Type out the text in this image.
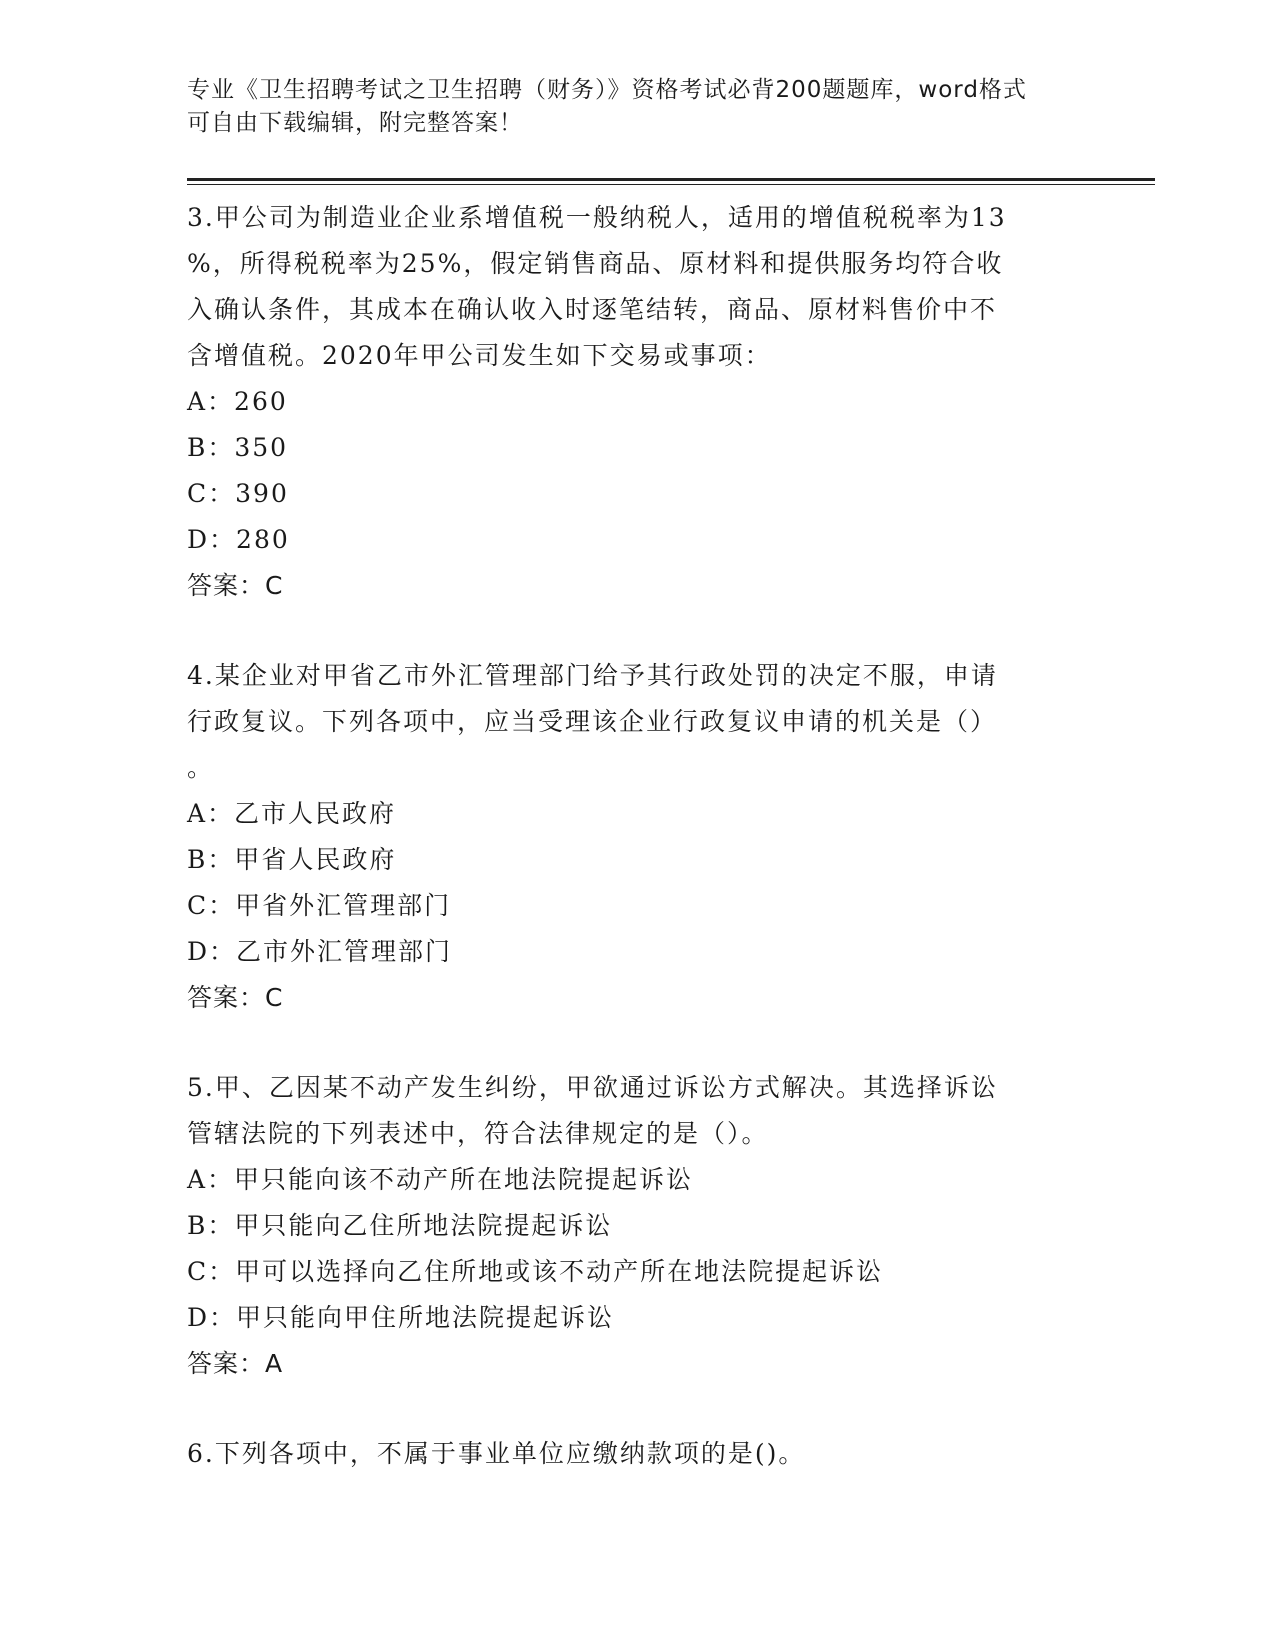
专业《卫生招聘考试之卫生招聘（财务）》资格考试必背200题题库，word格式
可自由下载编辑，附完整答案！
3.甲公司为制造业企业系增值税一般纳税人，适用的增值税税率为13
%，所得税税率为25%，假定销售商品、原材料和提供服务均符合收
入确认条件，其成本在确认收入时逐笔结转，商品、原材料售价中不
含增值税。2020年甲公司发生如下交易或事项：
A：260
B：350
C：390
D：280
答案：C
4.某企业对甲省乙市外汇管理部门给予其行政处罚的决定不服，申请
行政复议。下列各项中，应当受理该企业行政复议申请的机关是（）
。
A：乙市人民政府
B：甲省人民政府
C：甲省外汇管理部门
D：乙市外汇管理部门
答案：C
5.甲、乙因某不动产发生纠纷，甲欲通过诉讼方式解决。其选择诉讼
管辖法院的下列表述中，符合法律规定的是（）。
A：甲只能向该不动产所在地法院提起诉讼
B：甲只能向乙住所地法院提起诉讼
C：甲可以选择向乙住所地或该不动产所在地法院提起诉讼
D：甲只能向甲住所地法院提起诉讼
答案：A
6.下列各项中，不属于事业单位应缴纳款项的是()。
